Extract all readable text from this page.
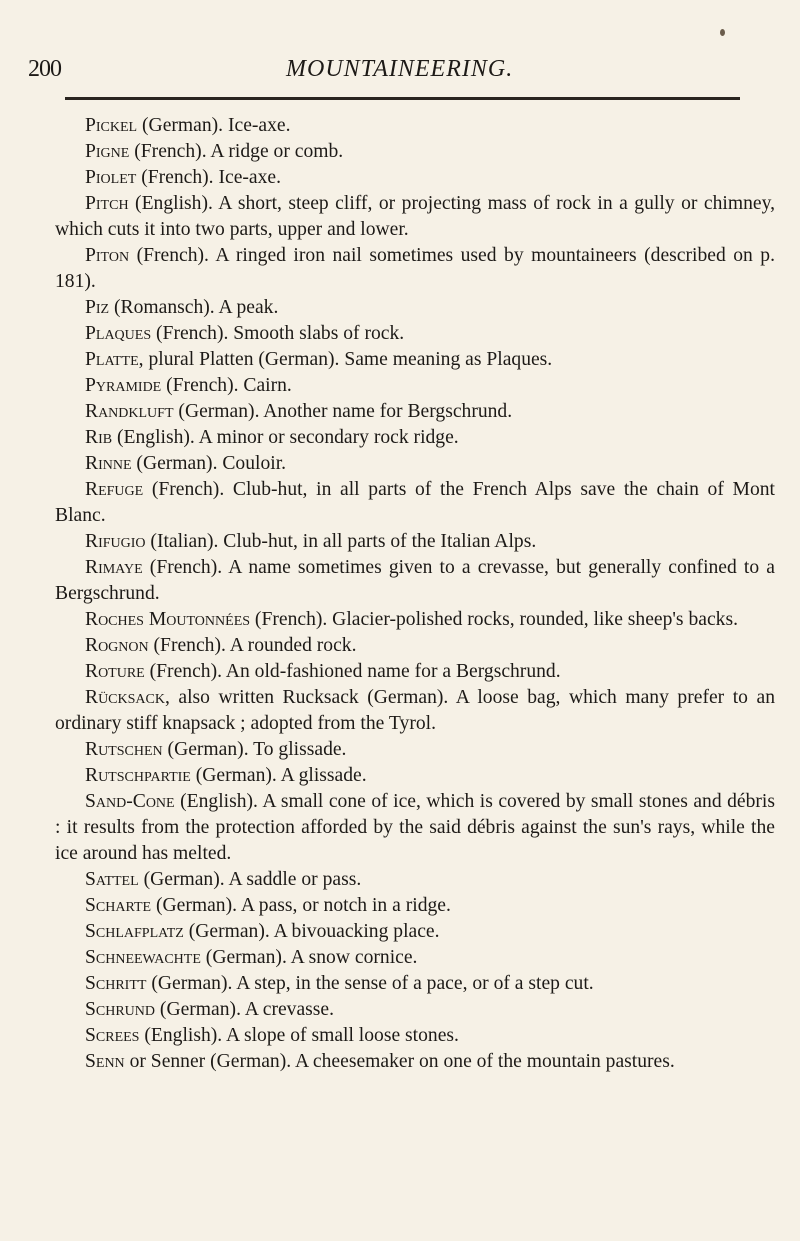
200	MOUNTAINEERING.

Pickel (German). Ice-axe.

Pigne (French). A ridge or comb.

Piolet (French). Ice-axe.

Pitch (English). A short, steep cliff, or projecting mass of rock in a gully or chimney, which cuts it into two parts, upper and lower.

Piton (French). A ringed iron nail sometimes used by mountaineers (described on p. 181).

Piz (Romansch). A peak.

Plaques (French). Smooth slabs of rock.

Platte, plural Platten (German). Same meaning as Plaques.

Pyramide (French). Cairn.

Randkluft (German). Another name for Bergschrund.

Rib (English). A minor or secondary rock ridge.

Rinne (German). Couloir.

Refuge (French). Club-hut, in all parts of the French Alps save the chain of Mont Blanc.

Rifugio (Italian). Club-hut, in all parts of the Italian Alps.

Rimaye (French). A name sometimes given to a crevasse, but generally confined to a Bergschrund.

Roches Moutonnées (French). Glacier-polished rocks, rounded, like sheep's backs.

Rognon (French). A rounded rock.

Roture (French). An old-fashioned name for a Bergschrund.

Rücksack, also written Rucksack (German). A loose bag, which many prefer to an ordinary stiff knapsack ; adopted from the Tyrol.

Rutschen (German). To glissade.

Rutschpartie (German). A glissade.

Sand-Cone (English). A small cone of ice, which is covered by small stones and débris : it results from the protection afforded by the said débris against the sun's rays, while the ice around has melted.

Sattel (German). A saddle or pass.

Scharte (German). A pass, or notch in a ridge.

Schlafplatz (German). A bivouacking place.

Schneewachte (German). A snow cornice.

Schritt (German). A step, in the sense of a pace, or of a step cut.

Schrund (German). A crevasse.

Screes (English). A slope of small loose stones.

Senn or Senner (German). A cheesemaker on one of the mountain pastures.
